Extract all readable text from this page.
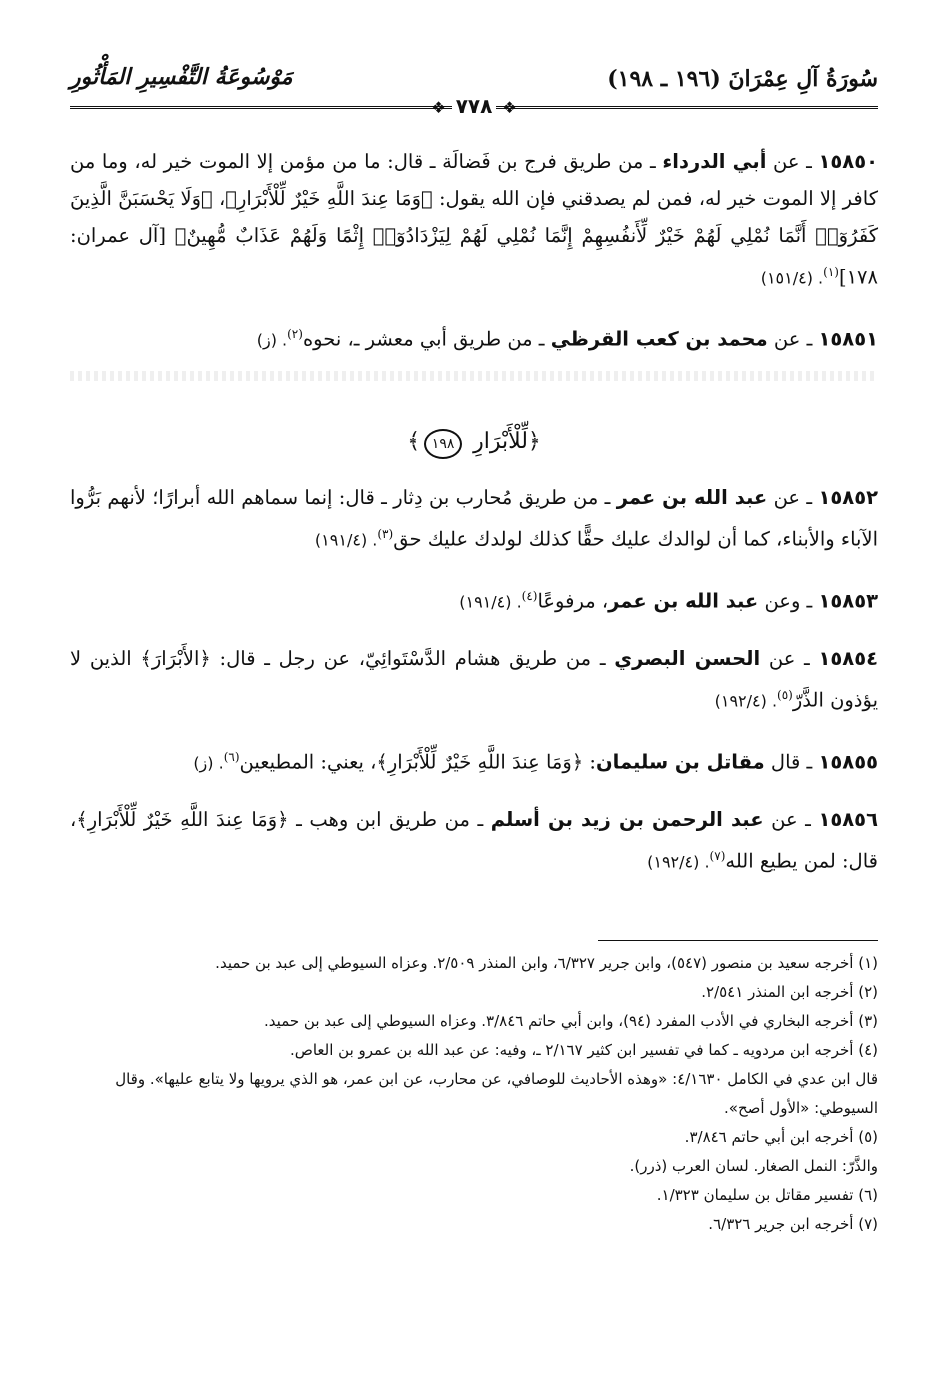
سُورَةُ آلِ عِمْرَانَ (١٩٦ ـ ١٩٨)
مَوْسُوعَةُ التَّفْسِيرِ المَأْثُورِ
❖٧٧٨❖

١٥٨٥٠ ـ عن أبي الدرداء ـ من طريق فرج بن فَضالَة ـ قال: ما من مؤمن إلا الموت خير له، وما من كافر إلا الموت خير له، فمن لم يصدقني فإن الله يقول: ﴿وَمَا عِندَ اللَّهِ خَيْرٌ لِّلْأَبْرَارِ﴾، ﴿وَلَا يَحْسَبَنَّ الَّذِينَ كَفَرُوٓا۟ أَنَّمَا نُمْلِي لَهُمْ خَيْرٌ لِّأَنفُسِهِمْ إِنَّمَا نُمْلِي لَهُمْ لِيَزْدَادُوٓا۟ إِثْمًا وَلَهُمْ عَذَابٌ مُّهِينٌ﴾ [آل عمران: ١٧٨]$^{(١)}$. (١٥١/٤)

١٥٨٥١ ـ عن محمد بن كعب القرظي ـ من طريق أبي معشر ـ، نحوه$^{(٢)}$. (ز)

﴿لِّلْأَبْرَارِ ١٩٨﴾

١٥٨٥٢ ـ عن عبد الله بن عمر ـ من طريق مُحارب بن دِثار ـ قال: إنما سماهم الله أبرارًا؛ لأنهم بَرُّوا الآباء والأبناء، كما أن لوالدك عليك حقًّا كذلك لولدك عليك حق$^{(٣)}$. (١٩١/٤)

١٥٨٥٣ ـ وعن عبد الله بن عمر، مرفوعًا$^{(٤)}$. (١٩١/٤)

١٥٨٥٤ ـ عن الحسن البصري ـ من طريق هشام الدَّسْتَوائِيّ، عن رجل ـ قال: ﴿الأَبْرَارَ﴾ الذين لا يؤذون الذَّرّ$^{(٥)}$. (١٩٢/٤)

١٥٨٥٥ ـ قال مقاتل بن سليمان: ﴿وَمَا عِندَ اللَّهِ خَيْرٌ لِّلْأَبْرَارِ﴾، يعني: المطيعين$^{(٦)}$. (ز)

١٥٨٥٦ ـ عن عبد الرحمن بن زيد بن أسلم ـ من طريق ابن وهب ـ ﴿وَمَا عِندَ اللَّهِ خَيْرٌ لِّلْأَبْرَارِ﴾، قال: لمن يطيع الله$^{(٧)}$. (١٩٢/٤)

(١) أخرجه سعيد بن منصور (٥٤٧)، وابن جرير ٦/٣٢٧، وابن المنذر ٢/٥٠٩. وعزاه السيوطي إلى عبد بن حميد.
(٢) أخرجه ابن المنذر ٢/٥٤١.
(٣) أخرجه البخاري في الأدب المفرد (٩٤)، وابن أبي حاتم ٣/٨٤٦. وعزاه السيوطي إلى عبد بن حميد.
(٤) أخرجه ابن مردويه ـ كما في تفسير ابن كثير ٢/١٦٧ ـ، وفيه: عن عبد الله بن عمرو بن العاص.
قال ابن عدي في الكامل ٤/١٦٣٠: «وهذه الأحاديث للوصافي، عن محارب، عن ابن عمر، هو الذي يرويها ولا يتابع عليها». وقال السيوطي: «الأول أصح».
(٥) أخرجه ابن أبي حاتم ٣/٨٤٦.
والذَّرّ: النمل الصغار. لسان العرب (ذرر).
(٦) تفسير مقاتل بن سليمان ١/٣٢٣.
(٧) أخرجه ابن جرير ٦/٣٢٦.
